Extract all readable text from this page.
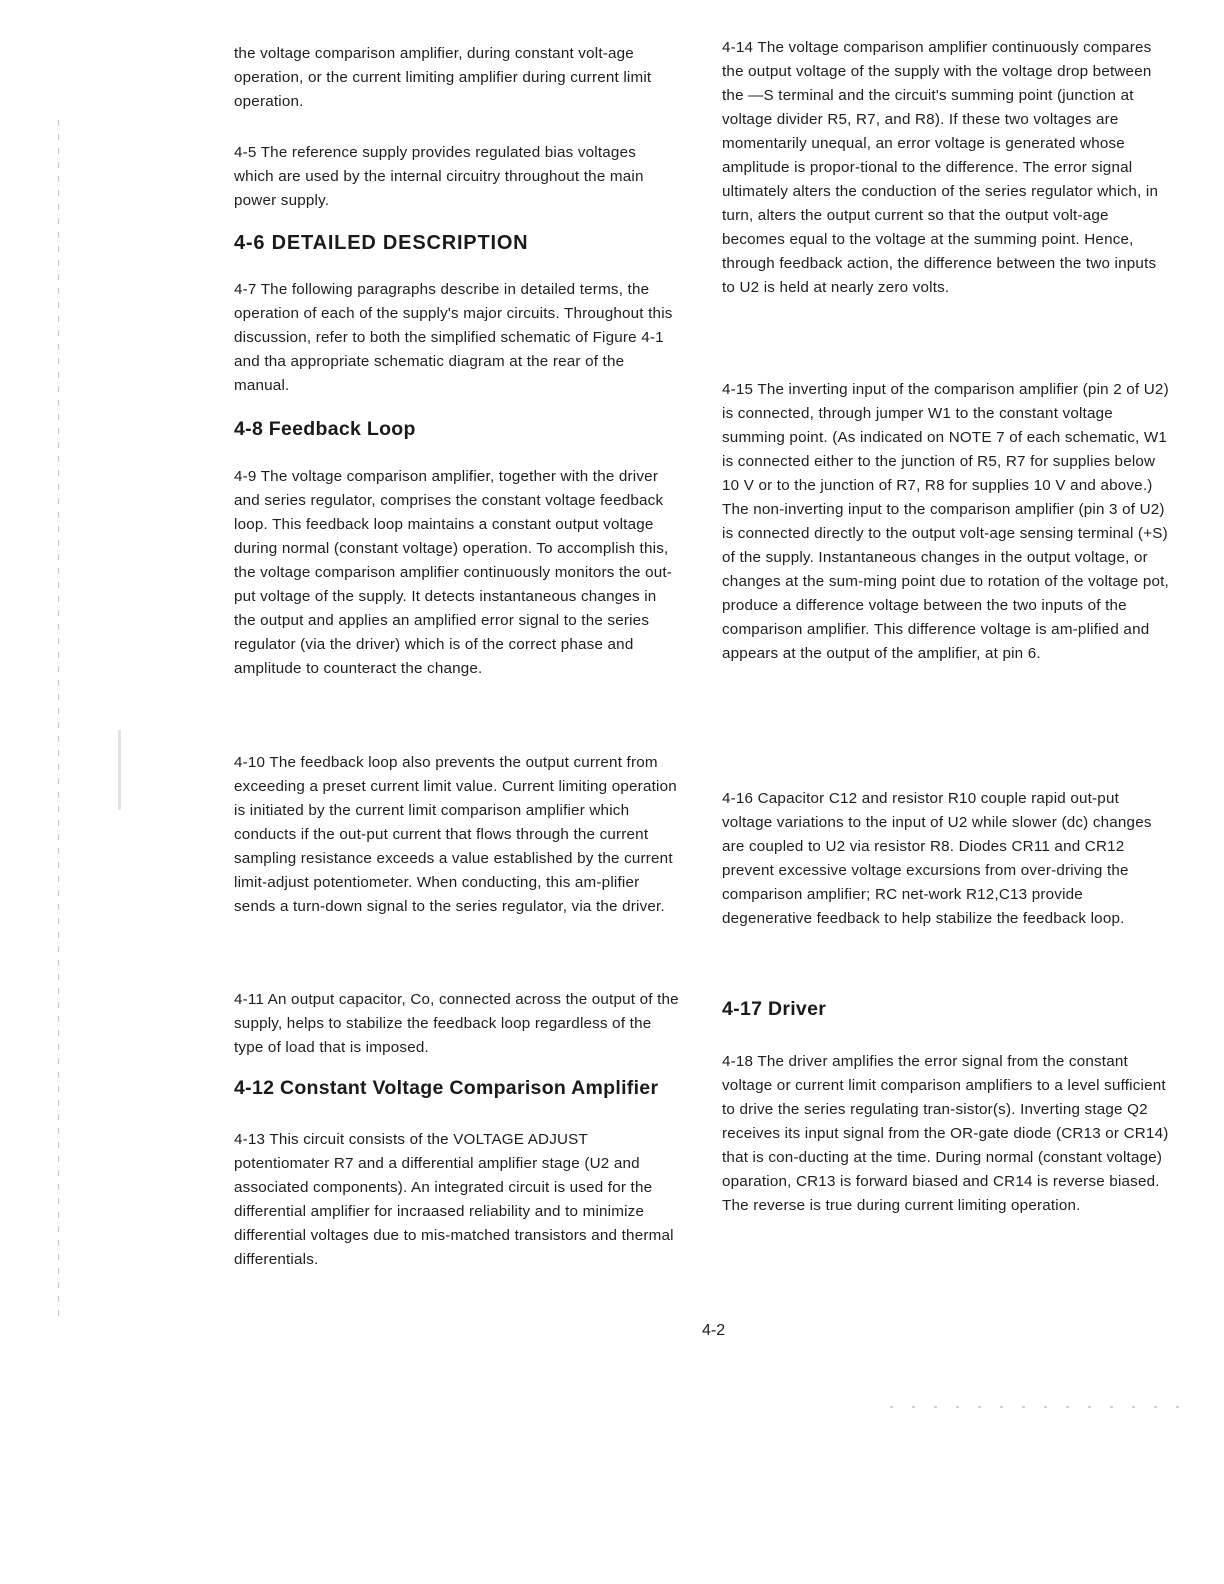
the voltage comparison amplifier, during constant volt-age operation, or the current limiting amplifier during current limit operation.

4-5 The reference supply provides regulated bias voltages which are used by the internal circuitry throughout the main power supply.

4-6 DETAILED DESCRIPTION

4-7 The following paragraphs describe in detailed terms, the operation of each of the supply's major circuits. Throughout this discussion, refer to both the simplified schematic of Figure 4-1 and tha appropriate schematic diagram at the rear of the manual.

4-8 Feedback Loop

4-9 The voltage comparison amplifier, together with the driver and series regulator, comprises the constant voltage feedback loop. This feedback loop maintains a constant output voltage during normal (constant voltage) operation. To accomplish this, the voltage comparison amplifier continuously monitors the out-put voltage of the supply. It detects instantaneous changes in the output and applies an amplified error signal to the series regulator (via the driver) which is of the correct phase and amplitude to counteract the change.

4-10 The feedback loop also prevents the output current from exceeding a preset current limit value. Current limiting operation is initiated by the current limit comparison amplifier which conducts if the out-put current that flows through the current sampling resistance exceeds a value established by the current limit-adjust potentiometer. When conducting, this am-plifier sends a turn-down signal to the series regulator, via the driver.

4-11 An output capacitor, Co, connected across the output of the supply, helps to stabilize the feedback loop regardless of the type of load that is imposed.

4-12 Constant Voltage Comparison Amplifier

4-13 This circuit consists of the VOLTAGE ADJUST potentiomater R7 and a differential amplifier stage (U2 and associated components). An integrated circuit is used for the differential amplifier for incraased reliability and to minimize differential voltages due to mis-matched transistors and thermal differentials.

4-14 The voltage comparison amplifier continuously compares the output voltage of the supply with the voltage drop between the —S terminal and the circuit's summing point (junction at voltage divider R5, R7, and R8). If these two voltages are momentarily unequal, an error voltage is generated whose amplitude is propor-tional to the difference. The error signal ultimately alters the conduction of the series regulator which, in turn, alters the output current so that the output volt-age becomes equal to the voltage at the summing point. Hence, through feedback action, the difference between the two inputs to U2 is held at nearly zero volts.

4-15 The inverting input of the comparison amplifier (pin 2 of U2) is connected, through jumper W1 to the constant voltage summing point. (As indicated on NOTE 7 of each schematic, W1 is connected either to the junction of R5, R7 for supplies below 10 V or to the junction of R7, R8 for supplies 10 V and above.) The non-inverting input to the comparison amplifier (pin 3 of U2) is connected directly to the output volt-age sensing terminal (+S) of the supply. Instantaneous changes in the output voltage, or changes at the sum-ming point due to rotation of the voltage pot, produce a difference voltage between the two inputs of the comparison amplifier. This difference voltage is am-plified and appears at the output of the amplifier, at pin 6.

4-16 Capacitor C12 and resistor R10 couple rapid out-put voltage variations to the input of U2 while slower (dc) changes are coupled to U2 via resistor R8. Diodes CR11 and CR12 prevent excessive voltage excursions from over-driving the comparison amplifier; RC net-work R12,C13 provide degenerative feedback to help stabilize the feedback loop.

4-17 Driver

4-18 The driver amplifies the error signal from the constant voltage or current limit comparison amplifiers to a level sufficient to drive the series regulating tran-sistor(s). Inverting stage Q2 receives its input signal from the OR-gate diode (CR13 or CR14) that is con-ducting at the time. During normal (constant voltage) oparation, CR13 is forward biased and CR14 is reverse biased. The reverse is true during current limiting operation.

4-2
